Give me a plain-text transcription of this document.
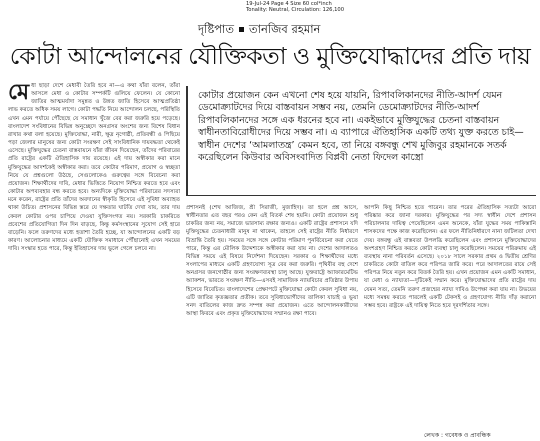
19-Jul-24 Page 4 Size 60 col*inch
Tonality: Neutral, Circulation: 126,100
দৃষ্টিপাত তানজিব রহমান
কোটা আন্দোলনের যৌক্তিকতা ও মুক্তিযোদ্ধাদের প্রতি দায়
কোটার প্রয়োজন কেন এখনো শেষ হয়ে যায়নি, রিপাবলিকানদের নীতি-আদর্শ যেমন ডেমোক্র্যাটদের দিয়ে বাস্তবায়ন সম্ভব নয়, তেমনি ডেমোক্র্যাটদের নীতি-আদর্শ রিপাবলিকানদের সঙ্গে এক ধরনের হবে না। একইভাবে মুক্তিযুদ্ধের চেতনা বাস্তবায়ন স্বাধীনতাবিরোধীদের দিয়ে সম্ভব না। এ ব্যাপারে ঐতিহাসিক একটি তথ্য যুক্ত করতে চাই— স্বাধীন দেশের ‘আমলাতন্ত্র’ কেমন হবে, তা নিয়ে বঙ্গবন্ধু শেখ মুজিবুর রহমানকে সতর্ক করেছিলেন কিউবার অবিসংবাদিত বিপ্লবী নেতা ফিদেল কাস্ত্রো
মে ধা ছাড়া দেশে মেধাবী তৈরি হবে না—এ কথা যাঁরা বলেন, তাঁরা আসলে মেধা ও কোটার সম্পর্কটি গুলিয়ে ফেলেন। যে কোনো জাতির আত্মমর্যাদা সমুন্নত ও উন্নত জাতি হিসেবে আত্মপ্রতিষ্ঠা লাভ করতে অধিক সময় লাগে। কোটা পদ্ধতি নিয়ে আন্দোলন চলছে, পরিস্থিতি এখন এমন পর্যায়ে পৌঁছেছে যে সমাধান খুঁজে বের করা জরুরি হয়ে পড়েছে। বাংলাদেশ সংবিধানের বিভিন্ন অনুচ্ছেদে অনগ্রসর অংশের জন্য বিশেষ বিধান রাখার কথা বলা হয়েছে। মুক্তিযোদ্ধা, নারী, ক্ষুদ্র নৃগোষ্ঠী, প্রতিবন্ধী ও পিছিয়ে পড়া জেলার মানুষের জন্য কোটা সংরক্ষণ সেই সাংবিধানিক দায়বদ্ধতা থেকেই এসেছে। মুক্তিযুদ্ধের চেতনা বাস্তবায়নে যাঁরা জীবন দিয়েছেন, তাঁদের পরিবারের প্রতি রাষ্ট্রের একটি ঐতিহাসিক দায় রয়েছে। এই দায় অস্বীকার করা মানে মুক্তিযুদ্ধের আদর্শকেই অস্বীকার করা। তবে কোটার পরিমাণ, প্রয়োগ ও স্বচ্ছতা নিয়ে যে প্রশ্নগুলো উঠছে, সেগুলোকেও গুরুত্বের সঙ্গে বিবেচনা করা প্রয়োজন। শিক্ষার্থীদের দাবি, মেধার ভিত্তিতে নিয়োগ নিশ্চিত করতে হবে এবং কোটার অপব্যবহার বন্ধ করতে হবে। অন্যদিকে মুক্তিযোদ্ধা পরিবারের সদস্যরা মনে করেন, রাষ্ট্রের প্রতি তাঁদের অবদানের স্বীকৃতি হিসেবে এই সুবিধা অব্যাহত থাকা উচিত। প্রশাসনের বিভিন্ন স্তরে যে দক্ষতার ঘাটতি দেখা যায়, তার দায় কেবল কোটার ওপর চাপিয়ে দেওয়া যুক্তিসংগত নয়। সরকারি চাকরিতে প্রবেশের প্রতিযোগিতা দিন দিন বাড়ছে, কিন্তু কর্মসংস্থানের সুযোগ সেই হারে বাড়েনি। ফলে তরুণদের মধ্যে হতাশা তৈরি হচ্ছে, যা আন্দোলনের একটি বড় কারণ। আলোচনার মাধ্যমে একটি যৌক্তিক সমাধানে পৌঁছানোই এখন সময়ের দাবি। সংস্কার হতে পারে, কিন্তু ইতিহাসের দায় ভুলে গেলে চলবে না।

প্রশাসনই (শেখ আজিজ, শ্রী সিরাজী, মুজাহিদ)। তা হলে প্রশ্ন আসে, স্বাধীনতার এত বছর পরও কেন এই বিতর্ক শেষ হয়নি। কোটা প্রয়োজন শুধু চাকরির জন্য নয়, সমাজে ভারসাম্য রক্ষার জন্যও। একটি রাষ্ট্রের প্রশাসনে যদি মুক্তিযুদ্ধের চেতনাধারী মানুষ না থাকেন, তাহলে সেই রাষ্ট্রের নীতি নির্ধারণে বিভ্রান্তি তৈরি হয়। সময়ের সঙ্গে সঙ্গে কোটার পরিমাণ পুনর্বিবেচনা করা যেতে পারে, কিন্তু এর মৌলিক উদ্দেশ্যকে অস্বীকার করা যায় না। দেশের আদালতও বিভিন্ন সময়ে এই বিষয়ে নির্দেশনা দিয়েছেন। সরকার ও শিক্ষার্থীদের মধ্যে সংলাপের মাধ্যমে একটি গ্রহণযোগ্য সূত্র বের করা জরুরি। পৃথিবীর বহু দেশে অনগ্রসর জনগোষ্ঠীর জন্য সংরক্ষণব্যবস্থা চালু আছে। যুক্তরাষ্ট্রে অ্যাফারমেটিভ অ্যাকশন, ভারতে সংরক্ষণ নীতি—এসবই সামাজিক ন্যায়বিচার প্রতিষ্ঠার উপায় হিসেবে বিবেচিত। বাংলাদেশের প্রেক্ষাপটে মুক্তিযোদ্ধা কোটা কেবল সুবিধা নয়, এটি জাতির কৃতজ্ঞতার প্রতীক। তবে সুবিধাভোগীদের তালিকা যাচাই ও ভুয়া সনদ বাতিলের কাজ দ্রুত সম্পন্ন করা প্রয়োজন। এতে আন্দোলনকারীদের আস্থা ফিরবে এবং প্রকৃত মুক্তিযোদ্ধাদের সম্মানও রক্ষা পাবে।

আপনি কিছু নিশ্চিত হতে পারেন। তার পরের ঐতিহাসিক সত্যটা আরো পরিষ্কার করে জানা দরকার। মুক্তিযুদ্ধের পর সদ্য স্বাধীন দেশে প্রশাসন পরিচালনার দায়িত্ব পেয়েছিলেন এমন অনেকে, যাঁরা যুদ্ধের সময় পাকিস্তানি শাসকদের পক্ষে কাজ করেছিলেন। এর ফলে নীতিনির্ধারণে নানা জটিলতা দেখা দেয়। বঙ্গবন্ধু এই বাস্তবতা উপলব্ধি করেছিলেন এবং প্রশাসনে মুক্তিযোদ্ধাদের অংশগ্রহণ নিশ্চিত করতে কোটা ব্যবস্থা চালু করেছিলেন। সময়ের পরিক্রমায় এই ব্যবস্থায় নানা পরিবর্তন এসেছে। ২০১৮ সালে সরকার প্রথম ও দ্বিতীয় শ্রেণির চাকরিতে কোটা বাতিল করে পরিপত্র জারি করে। পরে আদালতের রায়ে সেই পরিপত্র নিয়ে নতুন করে বিতর্ক তৈরি হয়। এখন প্রয়োজন এমন একটি সমাধান, যা মেধা ও ন্যায্যতা—দুটিকেই সম্মান করে। মুক্তিযোদ্ধাদের প্রতি রাষ্ট্রের দায় যেমন সত্য, তেমনি তরুণ প্রজন্মের ন্যায্য দাবিও উপেক্ষা করা যায় না। উভয়ের মধ্যে সমন্বয় করতে পারলেই একটি টেকসই ও গ্রহণযোগ্য নীতি দাঁড় করানো সম্ভব হবে। রাষ্ট্রকে এই দায়িত্ব নিতে হবে দূরদর্শিতার সঙ্গে।

লেখক : গবেষক ও প্রাবন্ধিক
